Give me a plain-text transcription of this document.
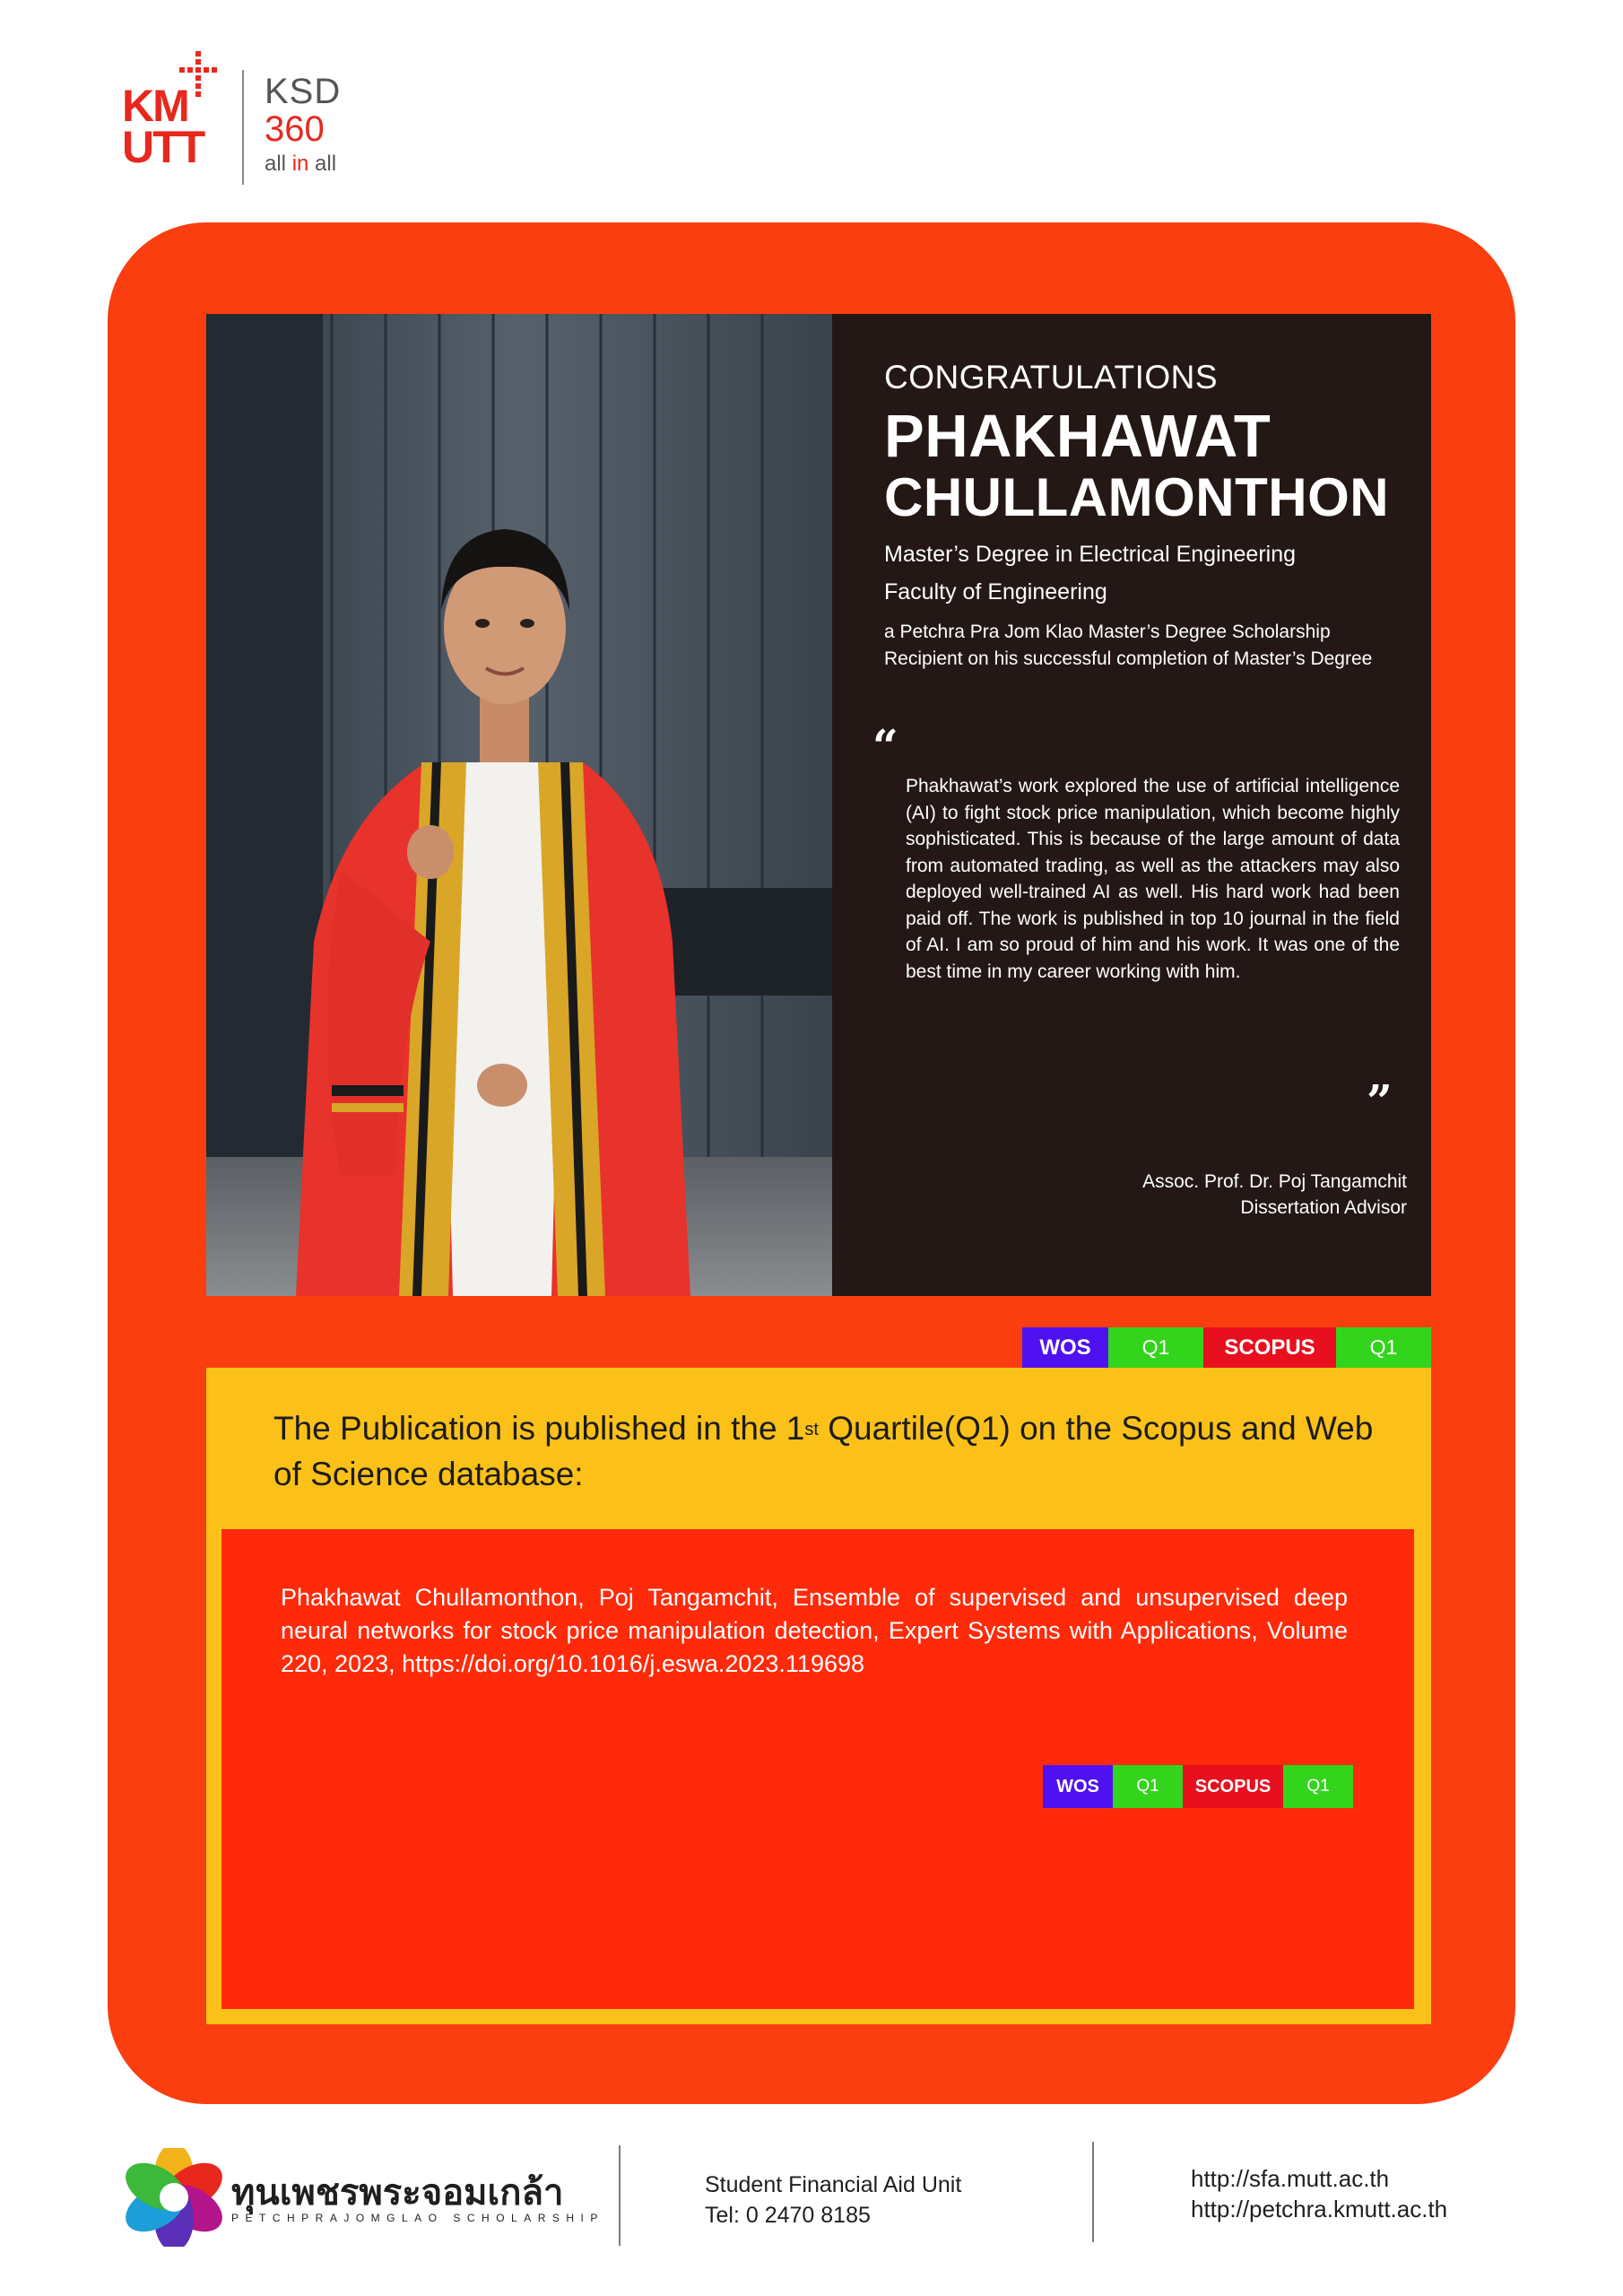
KM
UTT
KSD
360
all in all
CONGRATULATIONS
PHAKHAWAT
CHULLAMONTHON
Master’s Degree in Electrical Engineering
Faculty of Engineering
a Petchra Pra Jom Klao Master’s Degree Scholarship Recipient on his successful completion of Master’s Degree
“
Phakhawat’s work explored the use of artificial intelligence (AI) to fight stock price manipulation, which become highly sophisticated. This is because of the large amount of data from automated trading, as well as the attackers may also deployed well-trained AI as well. His hard work had been paid off. The work is published in top 10 journal in the field of AI. I am so proud of him and his work. It was one of the best time in my career working with him.
”
Assoc. Prof. Dr. Poj Tangamchit
Dissertation Advisor
WOS	Q1	SCOPUS	Q1
The Publication is published in the 1st Quartile(Q1) on the Scopus and Web of Science database:
Phakhawat Chullamonthon, Poj Tangamchit, Ensemble of supervised and unsupervised deep neural networks for stock price manipulation detection, Expert Systems with Applications, Volume 220, 2023, https://doi.org/10.1016/j.eswa.2023.119698
WOS	Q1	SCOPUS	Q1
ทุนเพชรพระจอมเกล้า
PETCHPRAJOMGLAO SCHOLARSHIP
Student Financial Aid Unit
Tel: 0 2470 8185
http://sfa.mutt.ac.th
http://petchra.kmutt.ac.th
